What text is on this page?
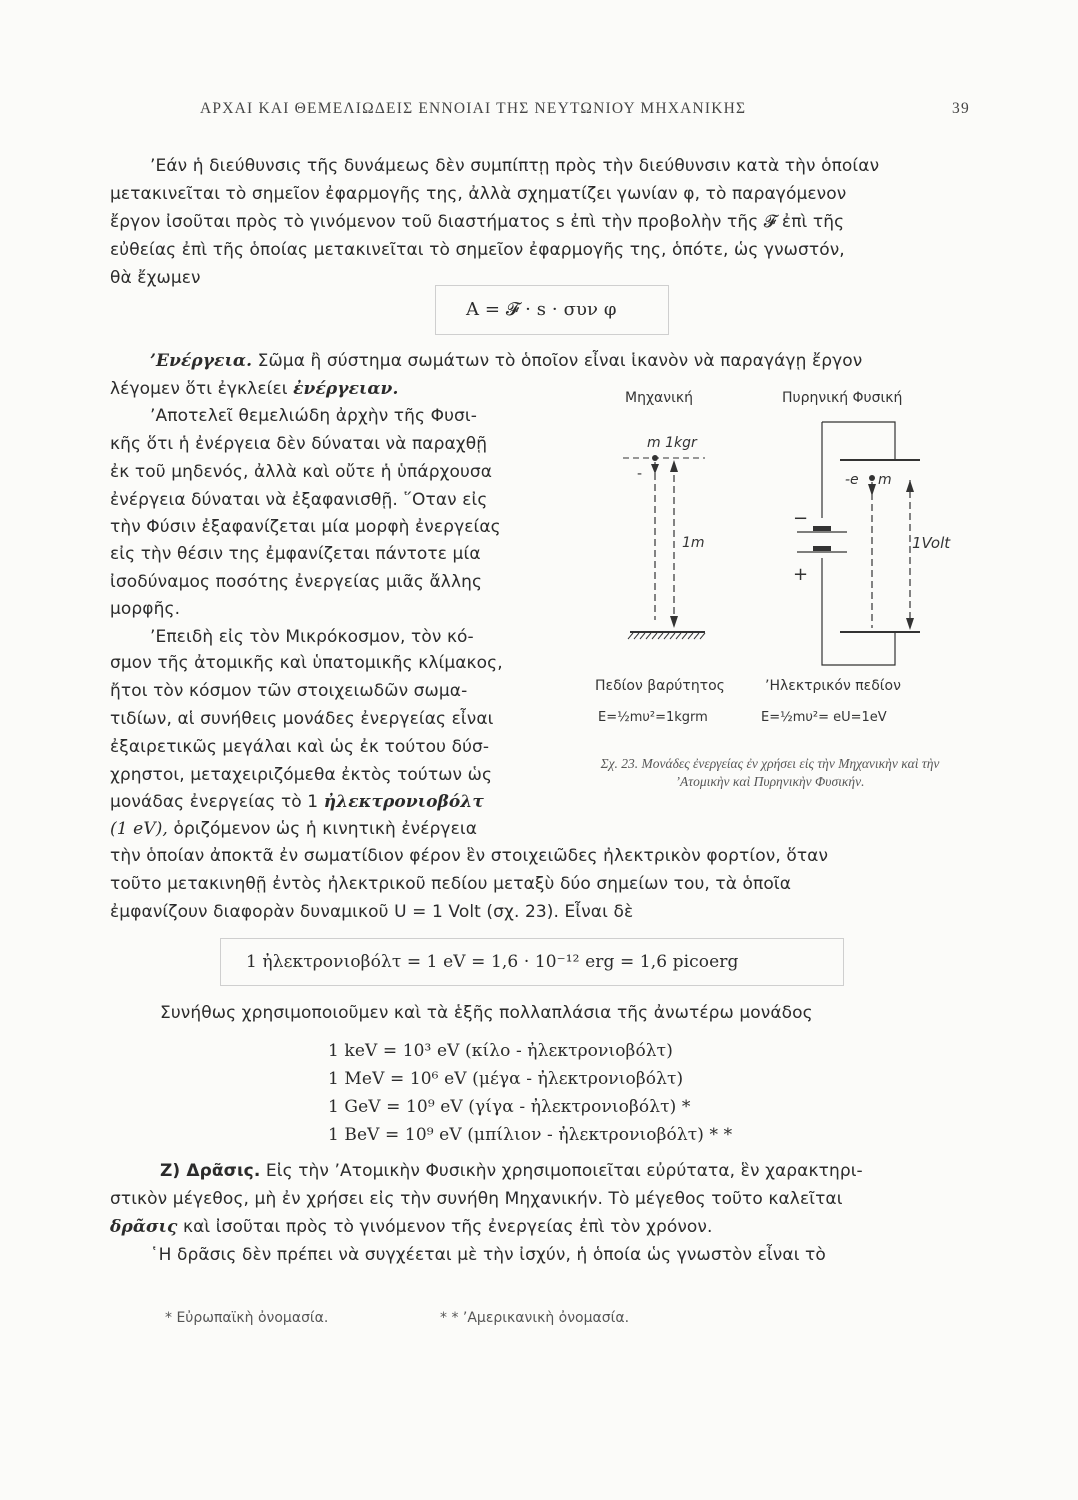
ΑΡΧΑΙ ΚΑΙ ΘΕΜΕΛΙΩΔΕΙΣ ΕΝΝΟΙΑΙ ΤΗΣ ΝΕΥΤΩΝΙΟΥ ΜΗΧΑΝΙΚΗΣ	39
’Εάν ἡ διεύθυνσις τῆς δυνάμεως δὲν συμπίπτῃ πρὸς τὴν διεύθυνσιν κατὰ τὴν ὁποίαν
μετακινεῖται τὸ σημεῖον ἐφαρμογῆς της, ἀλλὰ σχηματίζει γωνίαν φ, τὸ παραγόμενον
ἔργον ἰσοῦται πρὸς τὸ γινόμενον τοῦ διαστήματος s ἐπὶ τὴν προβολὴν τῆς 𝓕 ἐπὶ τῆς
εὐθείας ἐπὶ τῆς ὁποίας μετακινεῖται τὸ σημεῖον ἐφαρμογῆς της, ὁπότε, ὡς γνωστόν,
θὰ ἔχωμεν
A = 𝓕 · s · συν φ
’Ενέργεια. Σῶμα ἢ σύστημα σωμάτων τὸ ὁποῖον εἶναι ἱκανὸν νὰ παραγάγῃ ἔργον
λέγομεν ὅτι ἐγκλείει ἐνέργειαν.
’Αποτελεῖ θεμελιώδη ἀρχὴν τῆς Φυσι-
κῆς ὅτι ἡ ἐνέργεια δὲν δύναται νὰ παραχθῇ
ἐκ τοῦ μηδενός, ἀλλὰ καὶ οὔτε ἡ ὑπάρχουσα
ἐνέργεια δύναται νὰ ἐξαφανισθῇ. ῞Οταν εἰς
τὴν Φύσιν ἐξαφανίζεται μία μορφὴ ἐνεργείας
εἰς τὴν θέσιν της ἐμφανίζεται πάντοτε μία
ἰσοδύναμος ποσότης ἐνεργείας μιᾶς ἄλλης
μορφῆς.
’Επειδὴ εἰς τὸν Μικρόκοσμον, τὸν κό-
σμον τῆς ἀτομικῆς καὶ ὑπατομικῆς κλίμακος,
ἤτοι τὸν κόσμον τῶν στοιχειωδῶν σωμα-
τιδίων, αἱ συνήθεις μονάδες ἐνεργείας εἶναι
ἐξαιρετικῶς μεγάλαι καὶ ὡς ἐκ τούτου δύσ-
χρηστοι, μεταχειριζόμεθα ἐκτὸς τούτων ὡς
μονάδας ἐνεργείας τὸ 1 ἠλεκτρονιοβόλτ
(1 eV), ὁριζόμενον ὡς ἡ κινητικὴ ἐνέργεια
τὴν ὁποίαν ἀποκτᾶ ἐν σωματίδιον φέρον ἓν στοιχειῶδες ἠλεκτρικὸν φορτίον, ὅταν
τοῦτο μετακινηθῇ ἐντὸς ἠλεκτρικοῦ πεδίου μεταξὺ δύο σημείων του, τὰ ὁποῖα
ἐμφανίζουν διαφορὰν δυναμικοῦ U = 1 Volt (σχ. 23). Εἶναι δὲ
1 ἠλεκτρονιοβόλτ = 1 eV = 1,6 · 10⁻¹² erg = 1,6 picoerg
Συνήθως χρησιμοποιοῦμεν καὶ τὰ ἑξῆς πολλαπλάσια τῆς ἀνωτέρω μονάδος
1 keV = 10³ eV (κίλο - ἠλεκτρονιοβόλτ)
1 MeV = 10⁶ eV (μέγα - ἠλεκτρονιοβόλτ)
1 GeV = 10⁹ eV (γίγα - ἠλεκτρονιοβόλτ) *
1 BeV = 10⁹ eV (μπίλιον - ἠλεκτρονιοβόλτ) * *
Ζ) Δρᾶσις. Εἰς τὴν ’Ατομικὴν Φυσικὴν χρησιμοποιεῖται εὐρύτατα, ἓν χαρακτηρι-
στικὸν μέγεθος, μὴ ἐν χρήσει εἰς τὴν συνήθη Μηχανικήν. Τὸ μέγεθος τοῦτο καλεῖται
δρᾶσις καὶ ἰσοῦται πρὸς τὸ γινόμενον τῆς ἐνεργείας ἐπὶ τὸν χρόνον.
῾Η δρᾶσις δὲν πρέπει νὰ συγχέεται μὲ τὴν ἰσχύν, ἡ ὁποία ὡς γνωστὸν εἶναι τὸ
Μηχανική	Πυρηνική Φυσική
m 1kgr
-
1m
-e m
1Volt
−
+
Πεδίον βαρύτητος
E=½mυ²=1kgrm
’Ηλεκτρικόν πεδίον
E=½mυ²= eU=1eV
Σχ. 23. Μονάδες ἐνεργείας ἐν χρήσει εἰς τὴν Μηχανικὴν καὶ τὴν ’Ατομικὴν καὶ Πυρηνικὴν Φυσικήν.
* Εὐρωπαϊκὴ ὀνομασία.	* * ’Αμερικανικὴ ὀνομασία.
